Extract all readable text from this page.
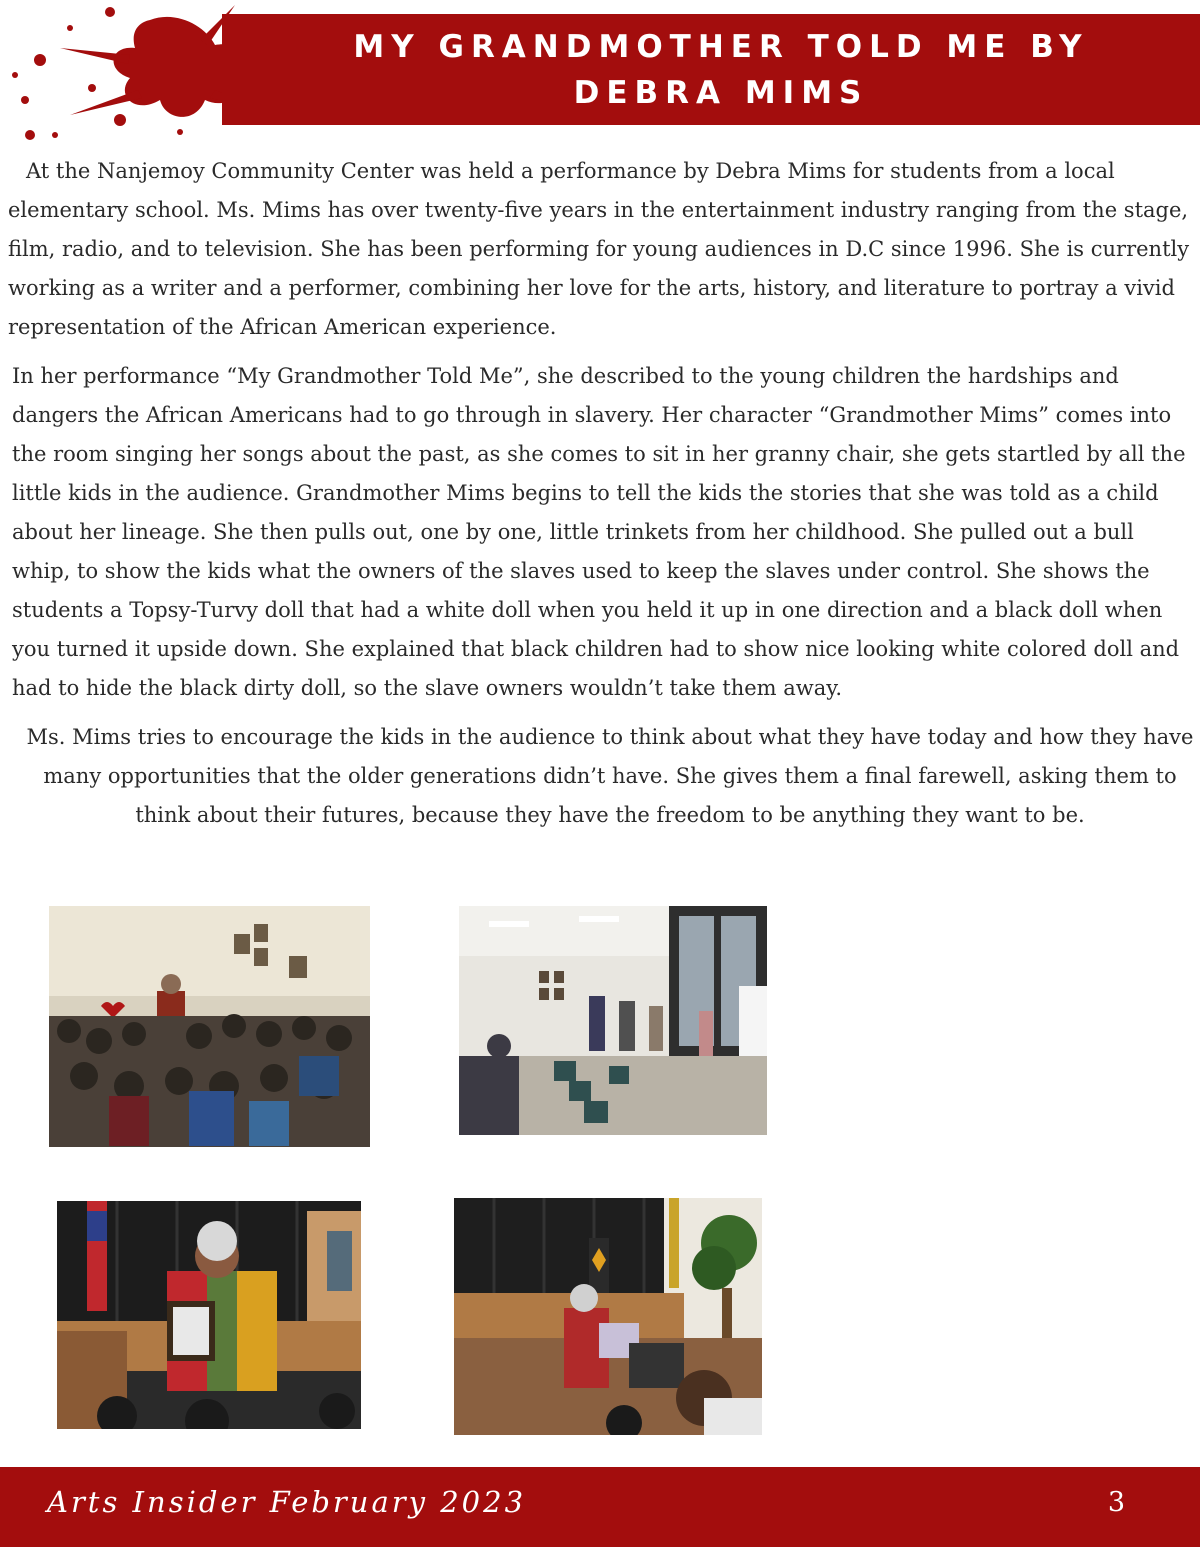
MY GRANDMOTHER TOLD ME BY DEBRA MIMS

At the Nanjemoy Community Center was held a performance by Debra Mims for students from a local elementary school. Ms. Mims has over twenty-five years in the entertainment industry ranging from the stage, film, radio, and to television. She has been performing for young audiences in D.C since 1996. She is currently working as a writer and a performer, combining her love for the arts, history, and literature to portray a vivid representation of the African American experience.

In her performance “My Grandmother Told Me”, she described to the young children the hardships and dangers the African Americans had to go through in slavery. Her character “Grandmother Mims” comes into the room singing her songs about the past, as she comes to sit in her granny chair, she gets startled by all the little kids in the audience. Grandmother Mims begins to tell the kids the stories that she was told as a child about her lineage. She then pulls out, one by one, little trinkets from her childhood. She pulled out a bull whip, to show the kids what the owners of the slaves used to keep the slaves under control. She shows the students a Topsy-Turvy doll that had a white doll when you held it up in one direction and a black doll when you turned it upside down. She explained that black children had to show nice looking white colored doll and had to hide the black dirty doll, so the slave owners wouldn’t take them away.

Ms. Mims tries to encourage the kids in the audience to think about what they have today and how they have many opportunities that the older generations didn’t have. She gives them a final farewell, asking them to think about their futures, because they have the freedom to be anything they want to be.

Arts Insider February 2023	3
